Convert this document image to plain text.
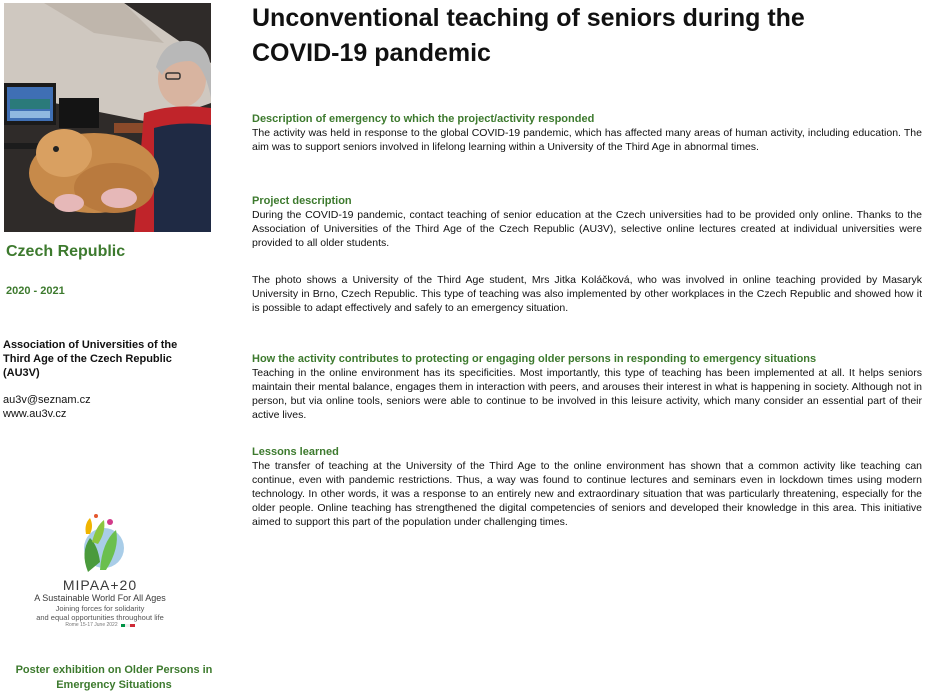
Czech Republic
2020 - 2021
Association of Universities of the Third Age of the Czech Republic (AU3V)
au3v@seznam.cz
www.au3v.cz
MIPAA+20
A Sustainable World For All Ages
Joining forces for solidarity
and equal opportunities throughout life
Rome 15-17 June 2022
Poster exhibition on Older Persons in Emergency Situations
Unconventional teaching of seniors during the COVID-19 pandemic
Description of emergency to which the project/activity responded

The activity was held in response to the global COVID-19 pandemic, which has affected many areas of human activity, including education. The aim was to support seniors involved in lifelong learning within a University of the Third Age in abnormal times.

Project description

During the COVID-19 pandemic, contact teaching of senior education at the Czech universities had to be provided only online. Thanks to the Association of Universities of the Third Age of the Czech Republic (AU3V), selective online lectures created at individual universities were provided to all older students.

The photo shows a University of the Third Age student, Mrs Jitka Koláčková, who was involved in online teaching provided by Masaryk University in Brno, Czech Republic. This type of teaching was also implemented by other workplaces in the Czech Republic and showed how it is possible to adapt effectively and safely to an emergency situation.

How the activity contributes to protecting or engaging older persons in responding to emergency situations

Teaching in the online environment has its specificities. Most importantly, this type of teaching has been implemented at all. It helps seniors maintain their mental balance, engages them in interaction with peers, and arouses their interest in what is happening in society. Although not in person, but via online tools, seniors were able to continue to be involved in this leisure activity, which many consider an essential part of their active lives.

Lessons learned

The transfer of teaching at the University of the Third Age to the online environment has shown that a common activity like teaching can continue, even with pandemic restrictions. Thus, a way was found to continue lectures and seminars even in lockdown times using modern technology. In other words, it was a response to an entirely new and extraordinary situation that was particularly threatening, especially for the older people. Online teaching has strengthened the digital competencies of seniors and developed their knowledge in this area. This initiative aimed to support this part of the population under challenging times.
